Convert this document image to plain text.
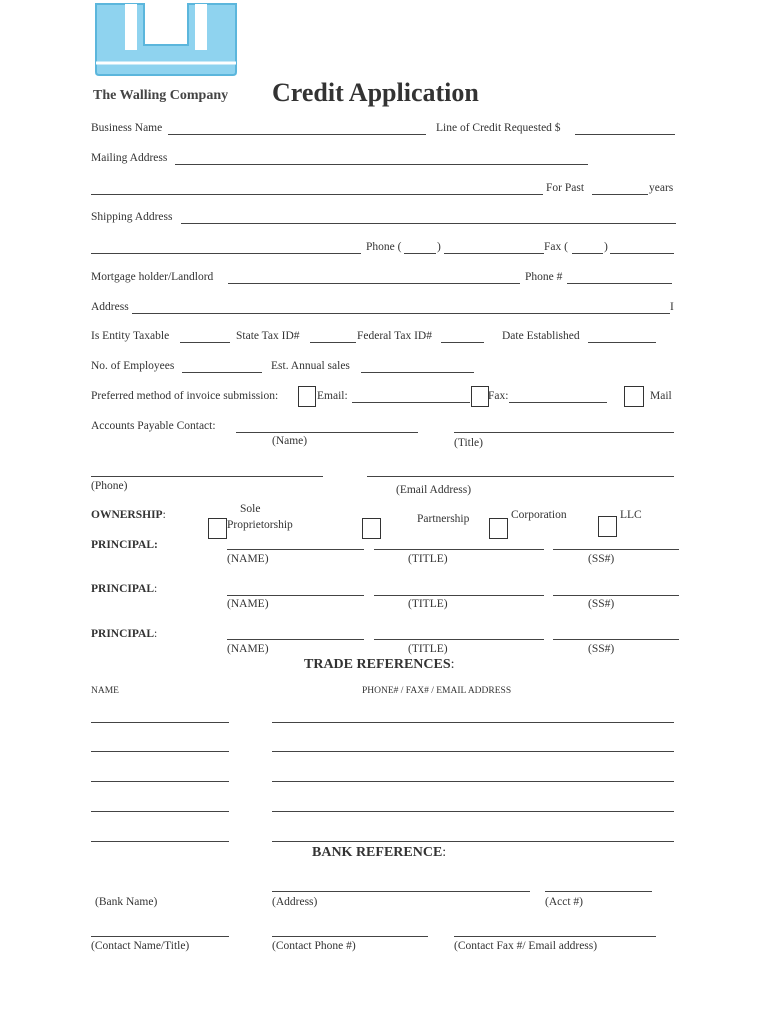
The Walling Company Credit Application
Business Name	Line of Credit Requested $
Mailing Address
For Past	years
Shipping Address
Phone (	)	Fax (	)
Mortgage holder/Landlord	Phone #
Address	I
Is Entity Taxable	State Tax ID#	Federal Tax ID#	Date Established
No. of Employees	Est. Annual sales
Preferred method of invoice submission:	Email:	Fax:	Mail
Accounts Payable Contact:
(Name)	(Title)
(Phone)	(Email Address)
OWNERSHIP:	Sole
Proprietorship	Partnership	Corporation	LLC
PRINCIPAL:
(NAME)	(TITLE)	(SS#)
PRINCIPAL:
(NAME)	(TITLE)	(SS#)
PRINCIPAL:
(NAME)	(TITLE)	(SS#)
TRADE REFERENCES:
NAME	PHONE# / FAX# / EMAIL ADDRESS
BANK REFERENCE:
(Bank Name)	(Address)	(Acct #)
(Contact Name/Title)	(Contact Phone #)	(Contact Fax #/ Email address)
